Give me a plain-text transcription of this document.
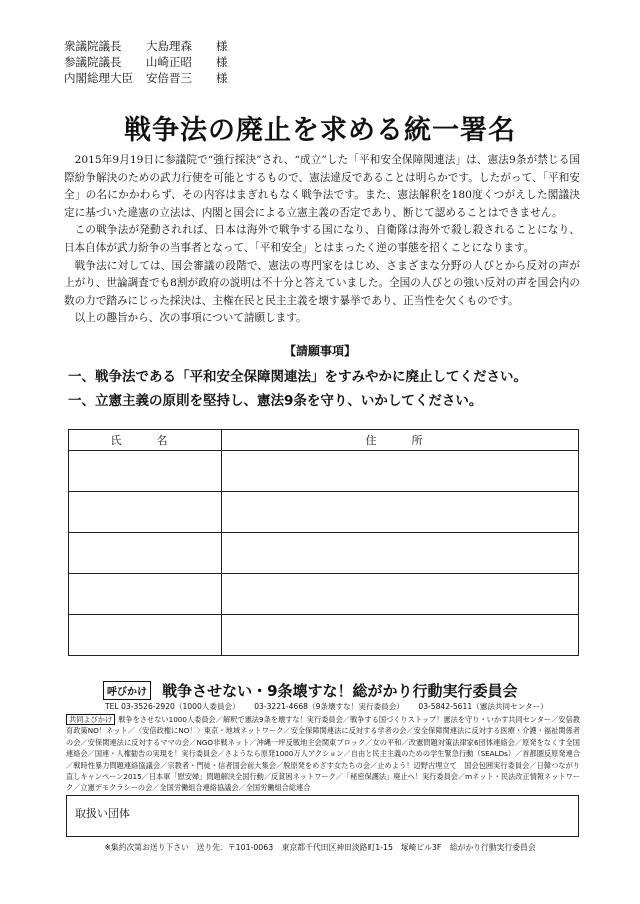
衆議院議長	大島理森	様
参議院議長	山崎正昭	様
内閣総理大臣	安倍晋三	様
戦争法の廃止を求める統一署名

2015年9月19日に参議院で“強行採決”され、“成立”した「平和安全保障関連法」は、憲法9条が禁じる国際紛争解決のための武力行使を可能とするもので、憲法違反であることは明らかです。したがって、「平和安全」の名にかかわらず、その内容はまぎれもなく戦争法です。また、憲法解釈を180度くつがえした閣議決定に基づいた違憲の立法は、内閣と国会による立憲主義の否定であり、断じて認めることはできません。

この戦争法が発動されれば、日本は海外で戦争する国になり、自衛隊は海外で殺し殺されることになり、日本自体が武力紛争の当事者となって、「平和安全」とはまったく逆の事態を招くことになります。

戦争法に対しては、国会審議の段階で、憲法の専門家をはじめ、さまざまな分野の人びとから反対の声が上がり、世論調査でも8割が政府の説明は不十分と答えていました。全国の人びとの強い反対の声を国会内の数の力で踏みにじった採決は、主権在民と民主主義を壊す暴挙であり、正当性を欠くものです。

以上の趣旨から、次の事項について請願します。

【請願事項】
一、戦争法である「平和安全保障関連法」をすみやかに廃止してください。
一、立憲主義の原則を堅持し、憲法9条を守り、いかしてください。
氏　名	住　所

呼びかけ 戦争させない・9条壊すな！総がかり行動実行委員会
TEL 03-3526-2920（1000人委員会） 03-3221-4668（9条壊すな！実行委員会） 03-5842-5611（憲法共同センター）
共同よびかけ 戦争をさせない1000人委員会／解釈で憲法9条を壊すな！実行委員会／戦争する国づくりストップ！憲法を守り・いかす共同センター／安倍教育政策NO！ネット／〈安倍政権にNO！〉東京・地域ネットワーク／安全保障関連法に反対する学者の会／安全保障関連法に反対する医療・介護・福祉関係者の会／安保関連法に反対するママの会／NGO非戦ネット／沖縄一坪反戦地主会関東ブロック／女の平和／改憲問題対策法律家6団体連絡会／原発をなくす全国連絡会／国連・人権勧告の実現を！実行委員会／さようなら原発1000万人アクション／自由と民主主義のための学生緊急行動（SEALDs）／首都圏反原発連合／戦時性暴力問題連絡協議会／宗教者・門徒・信者国会前大集会／脱原発をめざす女たちの会／止めよう！辺野古埋立て　国会包囲実行委員会／日韓つながり直しキャンペーン2015／日本軍「慰安婦」問題解決全国行動／反貧困ネットワーク／「秘密保護法」廃止へ！実行委員会／mネット・民法改正情報ネットワーク／立憲デモクラシーの会／全国労働組合連絡協議会／全国労働組合総連合
取扱い団体
※集約次第お送り下さい　送り先：〒101-0063 東京都千代田区神田淡路町1-15　塚崎ビル3F 総がかり行動実行委員会
